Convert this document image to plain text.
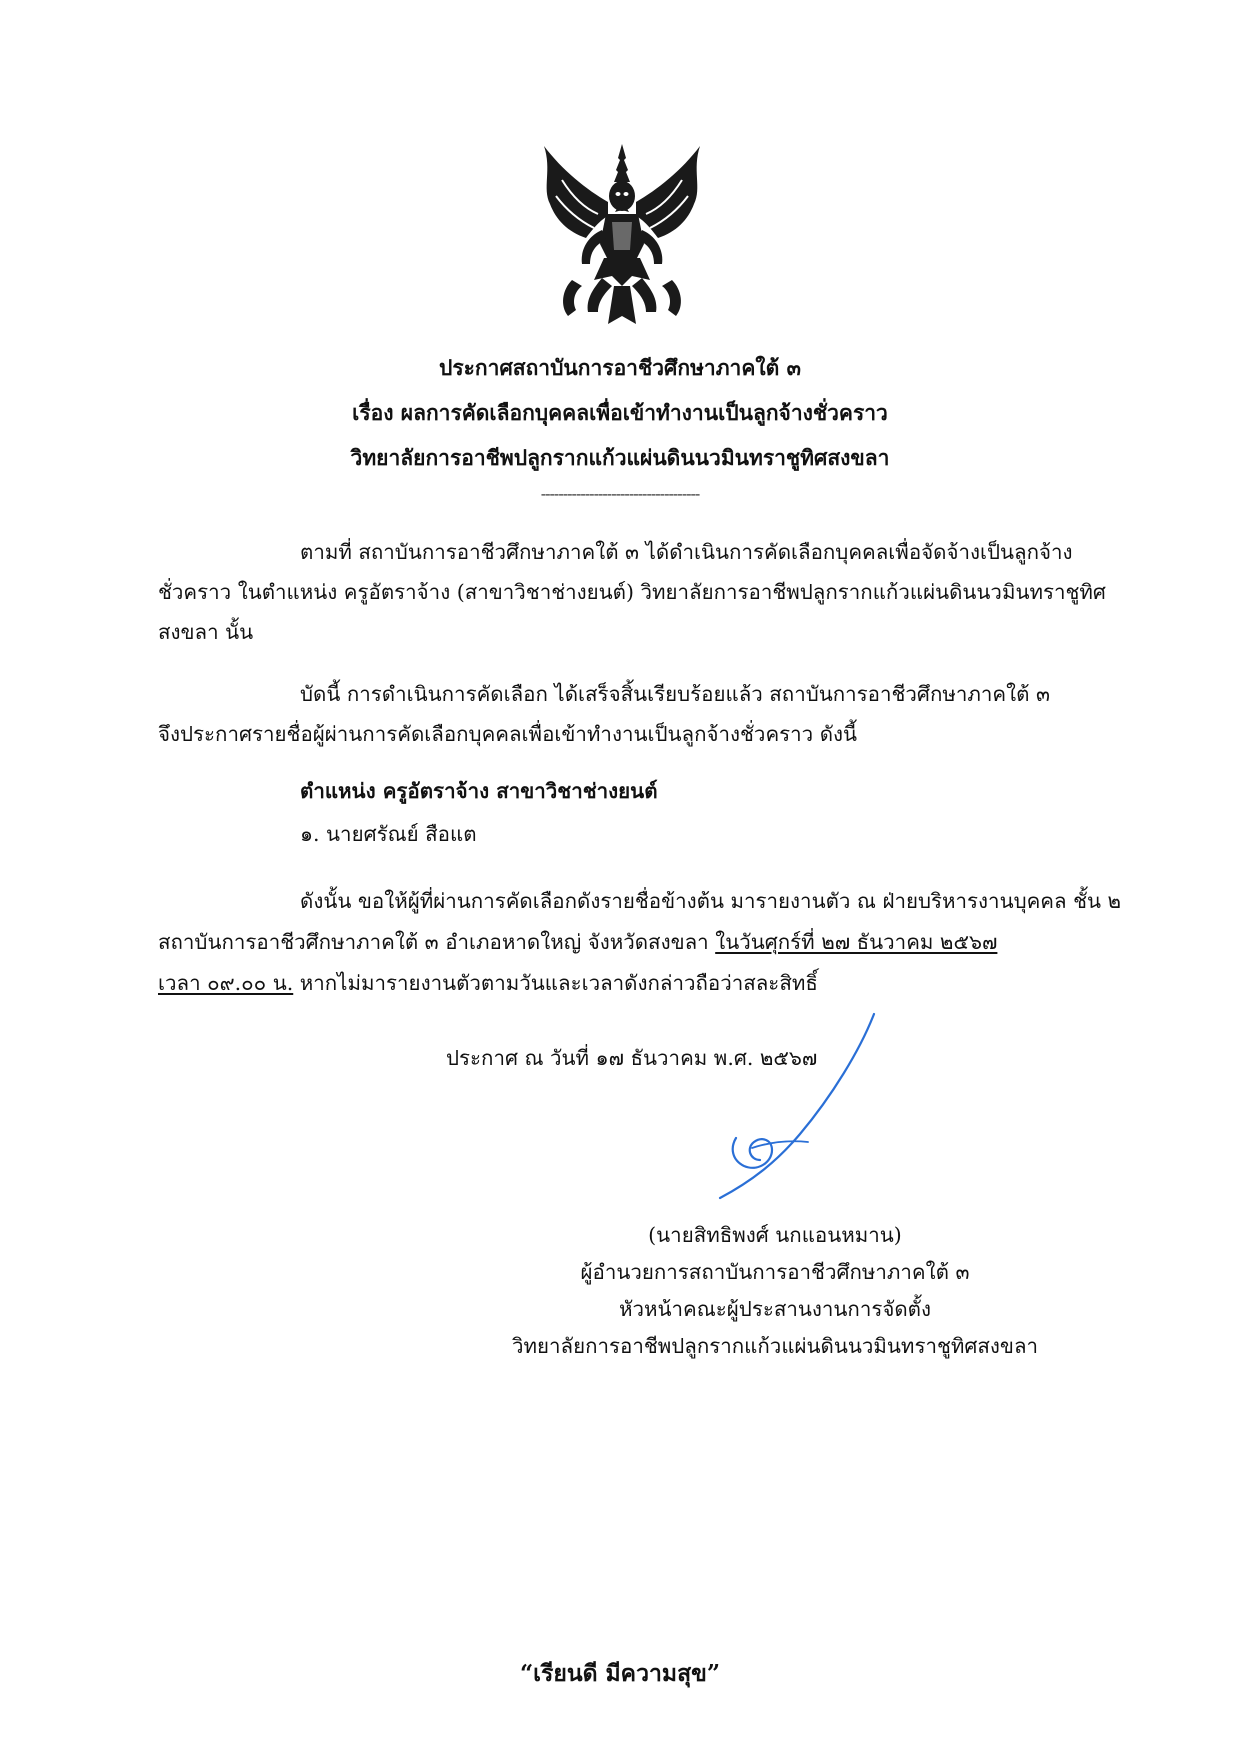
ประกาศสถาบันการอาชีวศึกษาภาคใต้ ๓
เรื่อง ผลการคัดเลือกบุคคลเพื่อเข้าทำงานเป็นลูกจ้างชั่วคราว
วิทยาลัยการอาชีพปลูกรากแก้วแผ่นดินนวมินทราชูทิศสงขลา
------------------------------------
ตามที่ สถาบันการอาชีวศึกษาภาคใต้ ๓ ได้ดำเนินการคัดเลือกบุคคลเพื่อจัดจ้างเป็นลูกจ้าง
ชั่วคราว ในตำแหน่ง ครูอัตราจ้าง (สาขาวิชาช่างยนต์) วิทยาลัยการอาชีพปลูกรากแก้วแผ่นดินนวมินทราชูทิศ
สงขลา นั้น
บัดนี้ การดำเนินการคัดเลือก ได้เสร็จสิ้นเรียบร้อยแล้ว สถาบันการอาชีวศึกษาภาคใต้ ๓
จึงประกาศรายชื่อผู้ผ่านการคัดเลือกบุคคลเพื่อเข้าทำงานเป็นลูกจ้างชั่วคราว ดังนี้
ตำแหน่ง ครูอัตราจ้าง สาขาวิชาช่างยนต์
๑. นายศรัณย์ สือแต
ดังนั้น ขอให้ผู้ที่ผ่านการคัดเลือกดังรายชื่อข้างต้น มารายงานตัว ณ ฝ่ายบริหารงานบุคคล ชั้น ๒
สถาบันการอาชีวศึกษาภาคใต้ ๓ อำเภอหาดใหญ่ จังหวัดสงขลา ในวันศุกร์ที่ ๒๗ ธันวาคม ๒๕๖๗
เวลา ๐๙.๐๐ น. หากไม่มารายงานตัวตามวันและเวลาดังกล่าวถือว่าสละสิทธิ์
ประกาศ ณ วันที่ ๑๗ ธันวาคม พ.ศ. ๒๕๖๗
(นายสิทธิพงศ์ นกแอนหมาน)
ผู้อำนวยการสถาบันการอาชีวศึกษาภาคใต้ ๓
หัวหน้าคณะผู้ประสานงานการจัดตั้ง
วิทยาลัยการอาชีพปลูกรากแก้วแผ่นดินนวมินทราชูทิศสงขลา
“เรียนดี มีความสุข”
